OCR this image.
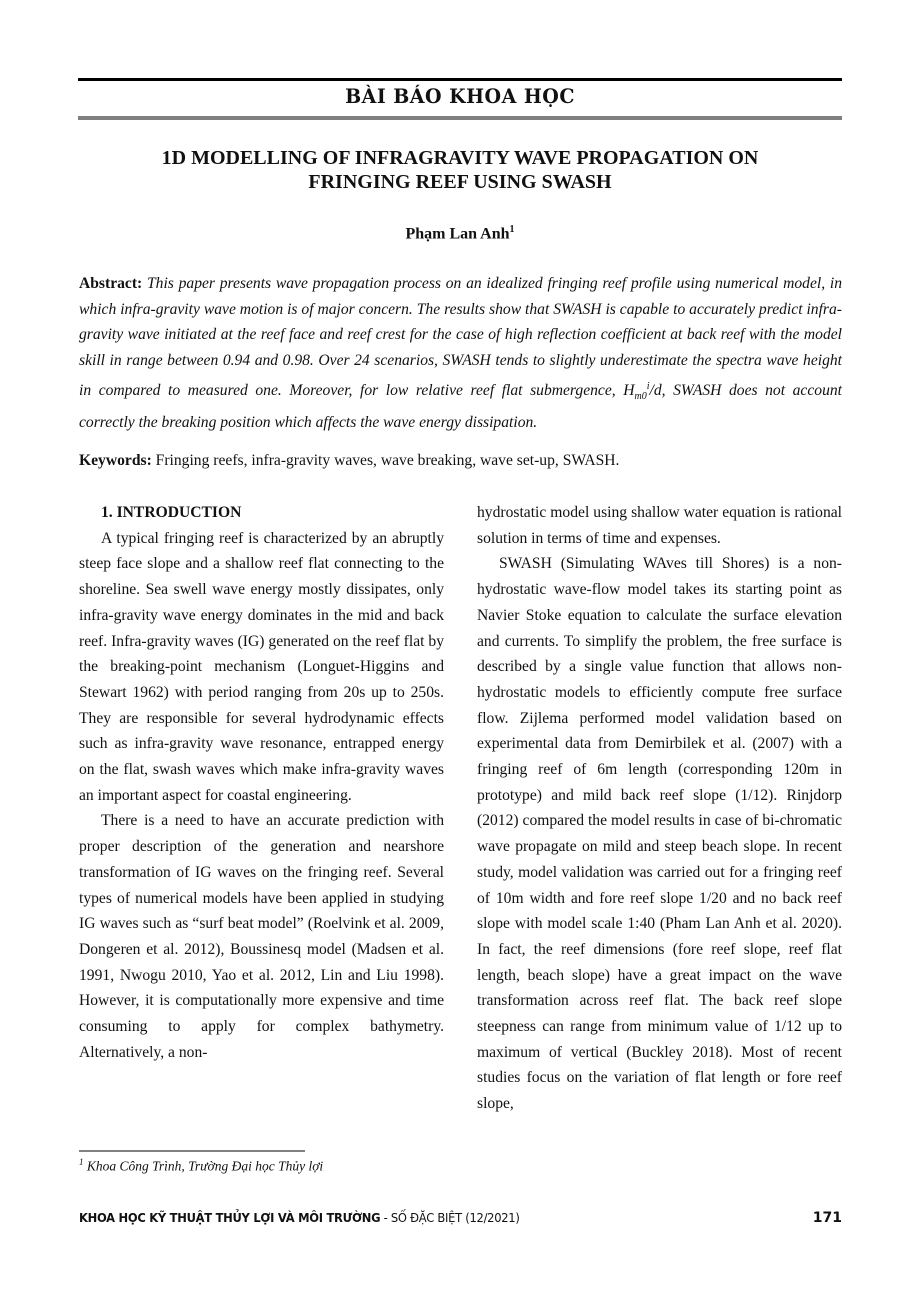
BÀI BÁO KHOA HỌC
1D MODELLING OF INFRAGRAVITY WAVE PROPAGATION ON
FRINGING REEF USING SWASH
Phạm Lan Anh$^1$
Abstract: This paper presents wave propagation process on an idealized fringing reef profile using numerical model, in which infra-gravity wave motion is of major concern. The results show that SWASH is capable to accurately predict infra-gravity wave initiated at the reef face and reef crest for the case of high reflection coefficient at back reef with the model skill in range between 0.94 and 0.98. Over 24 scenarios, SWASH tends to slightly underestimate the spectra wave height in compared to measured one. Moreover, for low relative reef flat submergence, $H_{m0}^i/d$, SWASH does not account correctly the breaking position which affects the wave energy dissipation.
Keywords: Fringing reefs, infra-gravity waves, wave breaking, wave set-up, SWASH.
1. INTRODUCTION

A typical fringing reef is characterized by an abruptly steep face slope and a shallow reef flat connecting to the shoreline. Sea swell wave energy mostly dissipates, only infra-gravity wave energy dominates in the mid and back reef. Infra-gravity waves (IG) generated on the reef flat by the breaking-point mechanism (Longuet-Higgins and Stewart 1962) with period ranging from 20s up to 250s. They are responsible for several hydrodynamic effects such as infra-gravity wave resonance, entrapped energy on the flat, swash waves which make infra-gravity waves an important aspect for coastal engineering.

There is a need to have an accurate prediction with proper description of the generation and nearshore transformation of IG waves on the fringing reef. Several types of numerical models have been applied in studying IG waves such as “surf beat model” (Roelvink et al. 2009, Dongeren et al. 2012), Boussinesq model (Madsen et al. 1991, Nwogu 2010, Yao et al. 2012, Lin and Liu 1998). However, it is computationally more expensive and time consuming to apply for complex bathymetry. Alternatively, a non-

hydrostatic model using shallow water equation is rational solution in terms of time and expenses.

SWASH (Simulating WAves till Shores) is a non-hydrostatic wave-flow model takes its starting point as Navier Stoke equation to calculate the surface elevation and currents. To simplify the problem, the free surface is described by a single value function that allows non-hydrostatic models to efficiently compute free surface flow. Zijlema performed model validation based on experimental data from Demirbilek et al. (2007) with a fringing reef of 6m length (corresponding 120m in prototype) and mild back reef slope (1/12). Rinjdorp (2012) compared the model results in case of bi-chromatic wave propagate on mild and steep beach slope. In recent study, model validation was carried out for a fringing reef of 10m width and fore reef slope 1/20 and no back reef slope with model scale 1:40 (Pham Lan Anh et al. 2020). In fact, the reef dimensions (fore reef slope, reef flat length, beach slope) have a great impact on the wave transformation across reef flat. The back reef slope steepness can range from minimum value of 1/12 up to maximum of vertical (Buckley 2018). Most of recent studies focus on the variation of flat length or fore reef slope,

$^1$ Khoa Công Trình, Trường Đại học Thủy lợi
KHOA HỌC KỸ THUẬT THỦY LỢI VÀ MÔI TRƯỜNG - SỐ ĐẶC BIỆT (12/2021)	171
